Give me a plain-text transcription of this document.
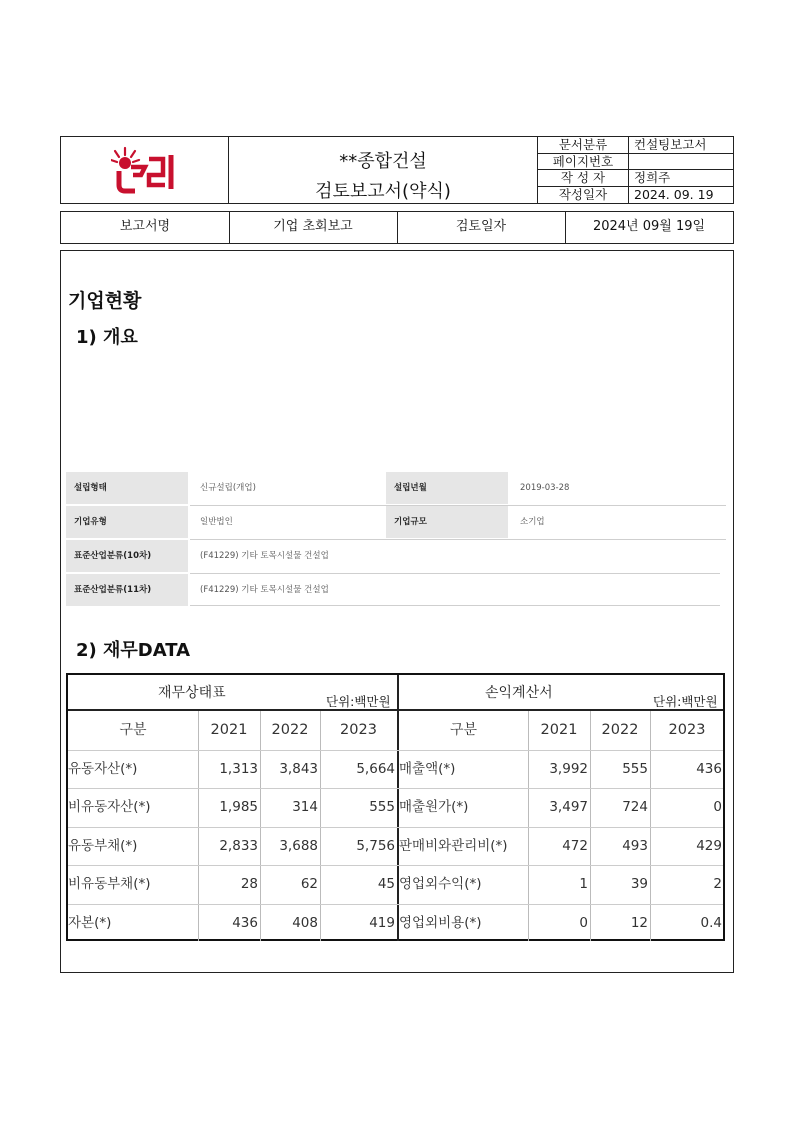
**종합건설
검토보고서(약식)
문서분류	컨설팅보고서
페이지번호
작 성 자	정희주
작성일자	2024. 09. 19
보고서명	기업 초회보고	검토일자	2024년 09월 19일
기업현황
1) 개요
설립형태	신규설립(개업)	설립년월	2019-03-28
기업유형	일반법인	기업규모	소기업
표준산업분류(10차)	(F41229) 기타 토목시설물 건설업
표준산업분류(11차)	(F41229) 기타 토목시설물 건설업
2) 재무DATA
재무상태표
단위:백만원
손익계산서
단위:백만원
구분	2021	2022	2023
유동자산(*)	1,313	3,843	5,664
비유동자산(*)	1,985	314	555
유동부채(*)	2,833	3,688	5,756
비유동부채(*)	28	62	45
자본(*)	436	408	419
구분	2021	2022	2023
매출액(*)	3,992	555	436
매출원가(*)	3,497	724	0
판매비와관리비(*)	472	493	429
영업외수익(*)	1	39	2
영업외비용(*)	0	12	0.4
